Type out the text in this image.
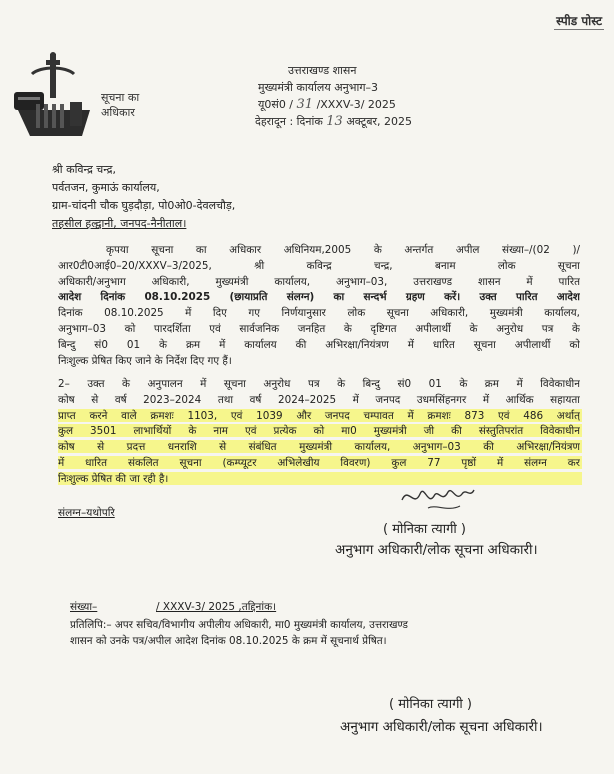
स्पीड पोस्ट
सूचना का
अधिकार
उत्तराखण्ड शासन
मुख्यमंत्री कार्यालय अनुभाग–3
यू0सं0 / 31 /XXXV-3/ 2025
देहरादून : दिनांक 13 अक्टूबर, 2025
श्री कविन्द्र चन्द्र,
पर्वतजन, कुमाऊं कार्यालय,
ग्राम-चांदनी चौक घुड़दौड़ा, पो0ओ0-देवलचौड़,
तहसील हल्द्वानी, जनपद-नैनीताल।
कृपया सूचना का अधिकार अधिनियम,2005 के अन्तर्गत अपील संख्या–/(02 )/
आर0टी0आई0–20/XXXV–3/2025, श्री कविन्द्र चन्द्र, बनाम लोक सूचना
अधिकारी/अनुभाग अधिकारी, मुख्यमंत्री कार्यालय, अनुभाग–03, उत्तराखण्ड शासन में पारित
आदेश दिनांक 08.10.2025 (छायाप्रति संलग्न) का सन्दर्भ ग्रहण करें। उक्त पारित आदेश
दिनांक 08.10.2025 में दिए गए निर्णयानुसार लोक सूचना अधिकारी, मुख्यमंत्री कार्यालय,
अनुभाग–03 को पारदर्शिता एवं सार्वजनिक जनहित के दृष्टिगत अपीलार्थी के अनुरोध पत्र के
बिन्दु सं0 01 के क्रम में कार्यालय की अभिरक्षा/नियंत्रण में धारित सूचना अपीलार्थी को
निःशुल्क प्रेषित किए जाने के निर्देश दिए गए हैं।
2– उक्त के अनुपालन में सूचना अनुरोध पत्र के बिन्दु सं0 01 के क्रम में विवेकाधीन
कोष से वर्ष 2023–2024 तथा वर्ष 2024–2025 में जनपद उधमसिंहनगर में आर्थिक सहायता
प्राप्त करने वाले क्रमशः 1103, एवं 1039 और जनपद चम्पावत में क्रमशः 873 एवं 486 अर्थात्
कुल 3501 लाभार्थियों के नाम एवं प्रत्येक को मा0 मुख्यमंत्री जी की संस्तुतिपरांत विवेकाधीन
कोष से प्रदत्त धनराशि से संबंधित मुख्यमंत्री कार्यालय, अनुभाग–03 की अभिरक्षा/नियंत्रण
में धारित संकलित सूचना (कम्प्यूटर अभिलेखीय विवरण) कुल 77 पृष्ठों में संलग्न कर
निःशुल्क प्रेषित की जा रही है।
संलग्न–यथोपरि
( मोनिका त्यागी )
अनुभाग अधिकारी/लोक सूचना अधिकारी।
संख्या–	/ XXXV-3/ 2025 ,तद्दिनांक।
प्रतिलिपि:– अपर सचिव/विभागीय अपीलीय अधिकारी, मा0 मुख्यमंत्री कार्यालय, उत्तराखण्ड
शासन को उनके पत्र/अपील आदेश दिनांक 08.10.2025 के क्रम में सूचनार्थ प्रेषित।
( मोनिका त्यागी )
अनुभाग अधिकारी/लोक सूचना अधिकारी।
